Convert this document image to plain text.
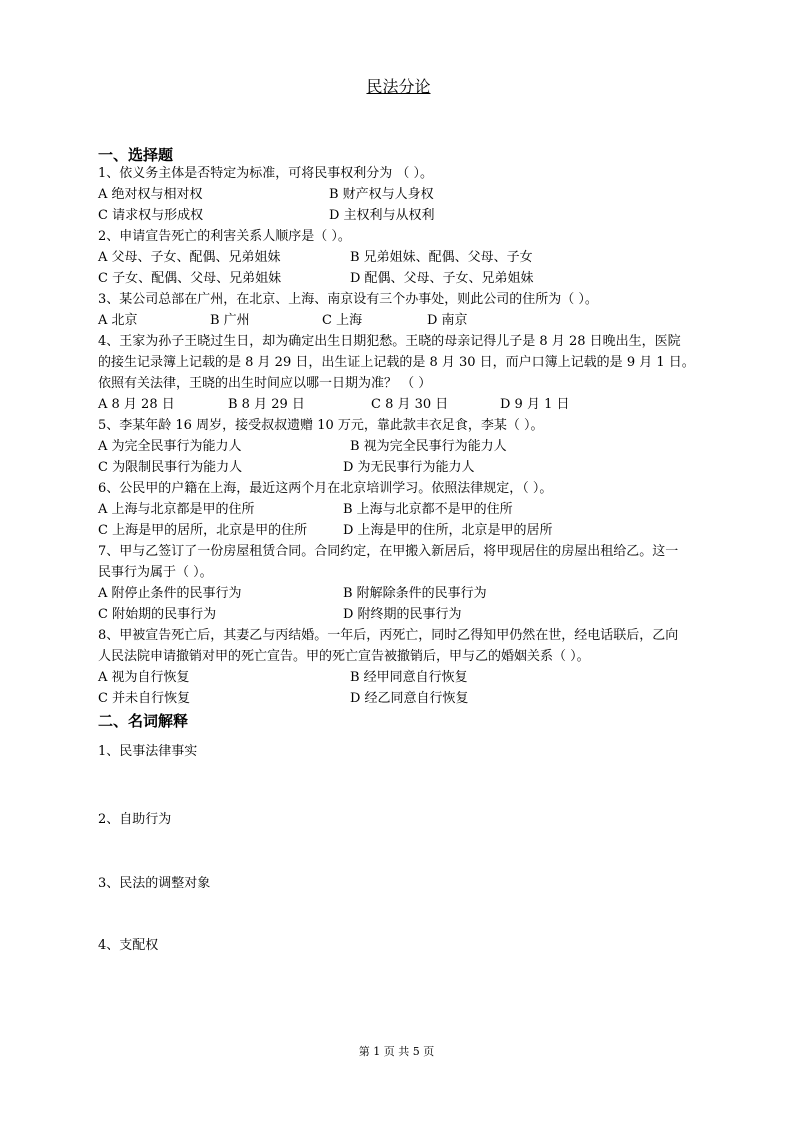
民法分论
一、选择题
1、依义务主体是否特定为标准，可将民事权利分为 （ ）。
A 绝对权与相对权	B 财产权与人身权
C 请求权与形成权	D 主权利与从权利
2、申请宣告死亡的利害关系人顺序是（ ）。
A 父母、子女、配偶、兄弟姐妹	B 兄弟姐妹、配偶、父母、子女
C 子女、配偶、父母、兄弟姐妹	D 配偶、父母、子女、兄弟姐妹
3、某公司总部在广州，在北京、上海、南京设有三个办事处，则此公司的住所为（ ）。
A 北京	B 广州	C 上海	D 南京
4、王家为孙子王晓过生日，却为确定出生日期犯愁。王晓的母亲记得儿子是 8 月 28 日晚出生，医院
的接生记录簿上记载的是 8 月 29 日，出生证上记载的是 8 月 30 日，而户口簿上记载的是 9 月 1 日。
依照有关法律，王晓的出生时间应以哪一日期为准？ （ ）
A 8 月 28 日	B 8 月 29 日	C 8 月 30 日	D 9 月 1 日
5、李某年龄 16 周岁，接受叔叔遗赠 10 万元，靠此款丰衣足食，李某（ ）。
A 为完全民事行为能力人	B 视为完全民事行为能力人
C 为限制民事行为能力人	D 为无民事行为能力人
6、公民甲的户籍在上海，最近这两个月在北京培训学习。依照法律规定，（ ）。
A 上海与北京都是甲的住所	B 上海与北京都不是甲的住所
C 上海是甲的居所，北京是甲的住所	D 上海是甲的住所，北京是甲的居所
7、甲与乙签订了一份房屋租赁合同。合同约定，在甲搬入新居后，将甲现居住的房屋出租给乙。这一
民事行为属于（ ）。
A 附停止条件的民事行为	B 附解除条件的民事行为
C 附始期的民事行为	D 附终期的民事行为
8、甲被宣告死亡后，其妻乙与丙结婚。一年后，丙死亡，同时乙得知甲仍然在世，经电话联后，乙向
人民法院申请撤销对甲的死亡宣告。甲的死亡宣告被撤销后，甲与乙的婚姻关系（ ）。
A 视为自行恢复	B 经甲同意自行恢复
C 并未自行恢复	D 经乙同意自行恢复
二、名词解释
1、民事法律事实
2、自助行为
3、民法的调整对象
4、支配权
第 1 页 共 5 页
